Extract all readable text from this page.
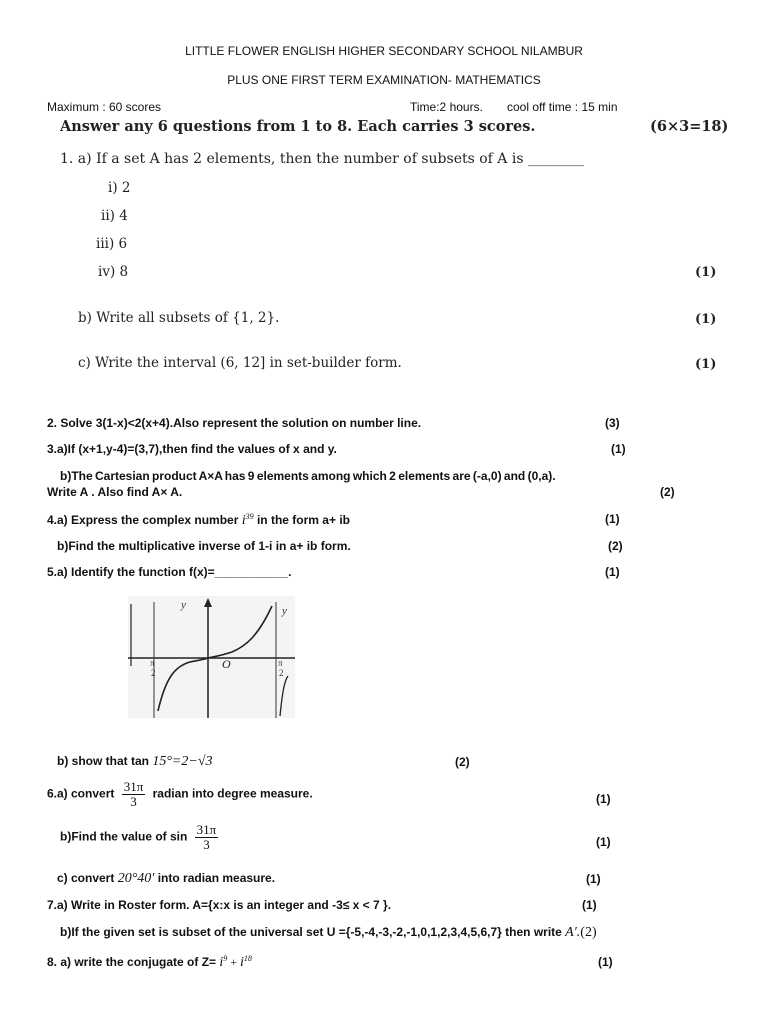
LITTLE FLOWER ENGLISH HIGHER SECONDARY SCHOOL NILAMBUR
PLUS ONE FIRST TERM EXAMINATION- MATHEMATICS
Maximum : 60 scores	Time:2 hours. cool off time : 15 min
Answer any 6 questions from 1 to 8. Each carries 3 scores.	(6×3=18)
1. a) If a set A has 2 elements, then the number of subsets of A is ________
i) 2
ii) 4
iii) 6
iv) 8	(1)
b) Write all subsets of {1, 2}.	(1)
c) Write the interval (6, 12] in set-builder form.	(1)
2. Solve 3(1-x)<2(x+4).Also represent the solution on number line.	(3)
3.a)If (x+1,y-4)=(3,7),then find the values of x and y.	(1)
b)The Cartesian product A×A has 9 elements among which 2 elements are (-a,0) and (0,a).
Write A . Also find A× A.	(2)
4.a) Express the complex number $i^{39}$ in the form a+ ib	(1)
b)Find the multiplicative inverse of 1-i in a+ ib form.	(2)
5.a) Identify the function f(x)=___________.	(1)
y	y
O
π
2
π
2
b) show that tan 15°=2−√3	(2)
6.a) convert $\frac{31\pi}{3}$ radian into degree measure.	(1)
b)Find the value of $\sin \frac{31\pi}{3}$	(1)
c) convert 20°40′ into radian measure.	(1)
7.a) Write in Roster form. A={x:x is an integer and -3≤ x < 7 }.	(1)
b)If the given set is subset of the universal set U ={-5,-4,-3,-2,-1,0,1,2,3,4,5,6,7} then write A′.(2)
8. a) write the conjugate of $Z= i^9 + i^{18}$	(1)
